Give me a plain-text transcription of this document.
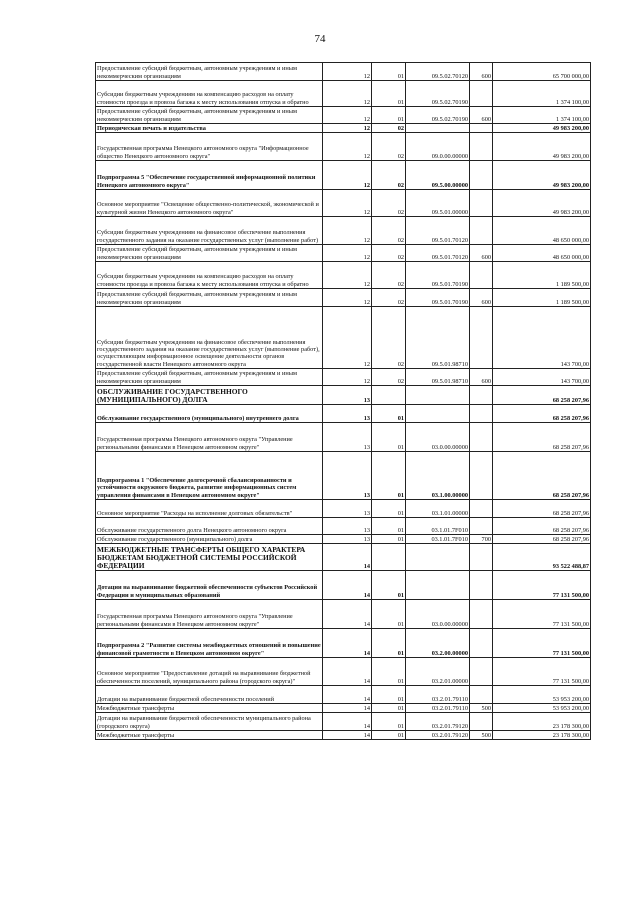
74
Предоставление субсидий бюджетным, автономным учреждениям и иным некоммерческим организациям	12	01	09.5.02.70120	600	65 700 000,00
Субсидии бюджетным учреждениям на компенсацию расходов на оплату стоимости проезда и провоза багажа к месту использования отпуска и обратно	12	01	09.5.02.70190		1 374 100,00
Предоставление субсидий бюджетным, автономным учреждениям и иным некоммерческим организациям	12	01	09.5.02.70190	600	1 374 100,00
Периодическая печать и издательства	12	02			49 983 200,00
Государственная программа Ненецкого автономного округа "Информационное общество Ненецкого автономного округа"	12	02	09.0.00.00000		49 983 200,00
Подпрограмма 5 "Обеспечение государственной информационной политики Ненецкого автономного округа"	12	02	09.5.00.00000		49 983 200,00
Основное мероприятие "Освещение общественно-политической, экономической и культурной жизни Ненецкого автономного округа"	12	02	09.5.01.00000		49 983 200,00
Субсидии бюджетным учреждениям на финансовое обеспечение выполнения государственного задания на оказание государственных услуг (выполнение работ)	12	02	09.5.01.70120		48 650 000,00
Предоставление субсидий бюджетным, автономным учреждениям и иным некоммерческим организациям	12	02	09.5.01.70120	600	48 650 000,00
Субсидии бюджетным учреждениям на компенсацию расходов на оплату стоимости проезда и провоза багажа к месту использования отпуска и обратно	12	02	09.5.01.70190		1 189 500,00
Предоставление субсидий бюджетным, автономным учреждениям и иным некоммерческим организациям	12	02	09.5.01.70190	600	1 189 500,00
Субсидии бюджетным учреждениям на финансовое обеспечение выполнения государственного задания на оказание государственных услуг (выполнение работ), осуществляющим информационное освещение деятельности органов государственной власти Ненецкого автономного округа	12	02	09.5.01.98710		143 700,00
Предоставление субсидий бюджетным, автономным учреждениям и иным некоммерческим организациям	12	02	09.5.01.98710	600	143 700,00
ОБСЛУЖИВАНИЕ ГОСУДАРСТВЕННОГО (МУНИЦИПАЛЬНОГО) ДОЛГА	13				68 258 207,96
Обслуживание государственного (муниципального) внутреннего долга	13	01			68 258 207,96
Государственная программа Ненецкого автономного округа "Управление региональными финансами в Ненецком автономном округе"	13	01	03.0.00.00000		68 258 207,96
Подпрограмма 1 "Обеспечение долгосрочной сбалансированности и устойчивости окружного бюджета, развитие информационных систем управления финансами в Ненецком автономном округе"	13	01	03.1.00.00000		68 258 207,96
Основное мероприятие "Расходы на исполнение долговых обязательств"	13	01	03.1.01.00000		68 258 207,96
Обслуживание государственного долга Ненецкого автономного округа	13	01	03.1.01.7F010		68 258 207,96
Обслуживание государственного (муниципального) долга	13	01	03.1.01.7F010	700	68 258 207,96
МЕЖБЮДЖЕТНЫЕ ТРАНСФЕРТЫ ОБЩЕГО ХАРАКТЕРА БЮДЖЕТАМ БЮДЖЕТНОЙ СИСТЕМЫ РОССИЙСКОЙ ФЕДЕРАЦИИ	14				93 522 488,87
Дотации на выравнивание бюджетной обеспеченности субъектов Российской Федерации и муниципальных образований	14	01			77 131 500,00
Государственная программа Ненецкого автономного округа "Управление региональными финансами в Ненецком автономном округе"	14	01	03.0.00.00000		77 131 500,00
Подпрограмма 2 "Развитие системы межбюджетных отношений и повышение финансовой грамотности в Ненецком автономном округе"	14	01	03.2.00.00000		77 131 500,00
Основное мероприятие "Предоставление дотаций на выравнивание бюджетной обеспеченности поселений, муниципального района (городского округа)"	14	01	03.2.01.00000		77 131 500,00
Дотации на выравнивание бюджетной обеспеченности поселений	14	01	03.2.01.79110		53 953 200,00
Межбюджетные трансферты	14	01	03.2.01.79110	500	53 953 200,00
Дотации на выравнивание бюджетной обеспеченности муниципального района (городского округа)	14	01	03.2.01.79120		23 178 300,00
Межбюджетные трансферты	14	01	03.2.01.79120	500	23 178 300,00
